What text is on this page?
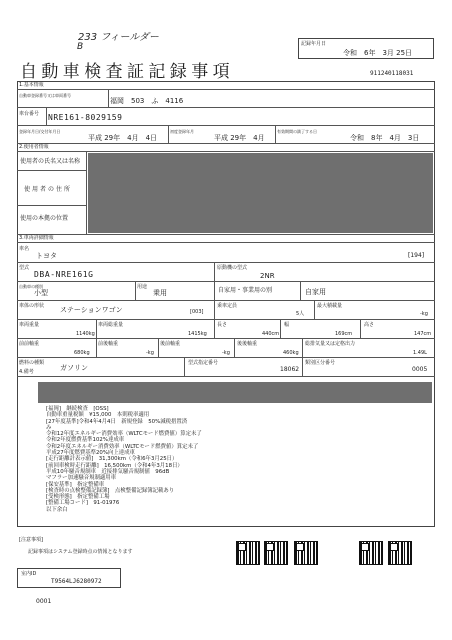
233 フィールダー
B
自動車検査証記録事項
記録年月日
令和　6年　3月 25日
911240118031
1.基本情報
自動車登録番号又は車両番号
福岡　503　ふ　4116
車台番号 NRE161-8029159
登録年月日/交付年月日
平成 29年　4月　4日
初度登録年月
平成 29年　4月
有効期間の満了する日
令和　8年　4月　3日
2.使用者情報
使用者の氏名又は名称
使用者の住所
使用の本拠の位置
3.車両詳細情報
車名
トヨタ	[194]
型式
DBA-NRE161G
原動機の型式
2NR
自動車の種別
小型
用途
乗用	自家用・事業用の別	自家用
車体の形状 ステーションワゴン	[003]
乗車定員
5人
最大積載量
-kg
車両重量
1140kg
車両総重量
1415kg
長さ
440cm
幅
169cm
高さ
147cm
前前軸重
680kg
前後軸重
-kg
後前軸重
-kg
後後軸重
460kg
総排気量又は定格出力
1.49L
燃料の種類
ガソリン
型式指定番号
18062
類別区分番号
0005
4.備考
[福岡]　継続検査　[OSS]
自動車重量税額　¥15,000　本則税率適用
[27年度基準]令和4年4月4日　新規登録　50%減税措置済
み
令和12年度エネルギー消費効率（WLTCモード燃費値）算定未了
令和2年度燃費基準102%達成車
令和2年度エネルギー消費効率（WLTCモード燃費値）算定未了
平成27年度燃費基準20%向上達成車
[走行距離計表示値]　31,300km（令和6年3月25日）
[前回車検時走行距離]　16,500km（令和4年3月18日）
平成10年騒音規制車　近接排気騒音規制値　96dB
マフラー加速騒音規制適用車
[保安基準]　指定整備車
[検査時の点検整備記録簿]　点検整備記録簿記載あり
[受検形態]　指定整備工場
[整備工場コード]　91-01976
以下余白
[注意事項]
記録事項はシステム登録時点の情報となります
室内ID
T9564LJ6280972
0001
